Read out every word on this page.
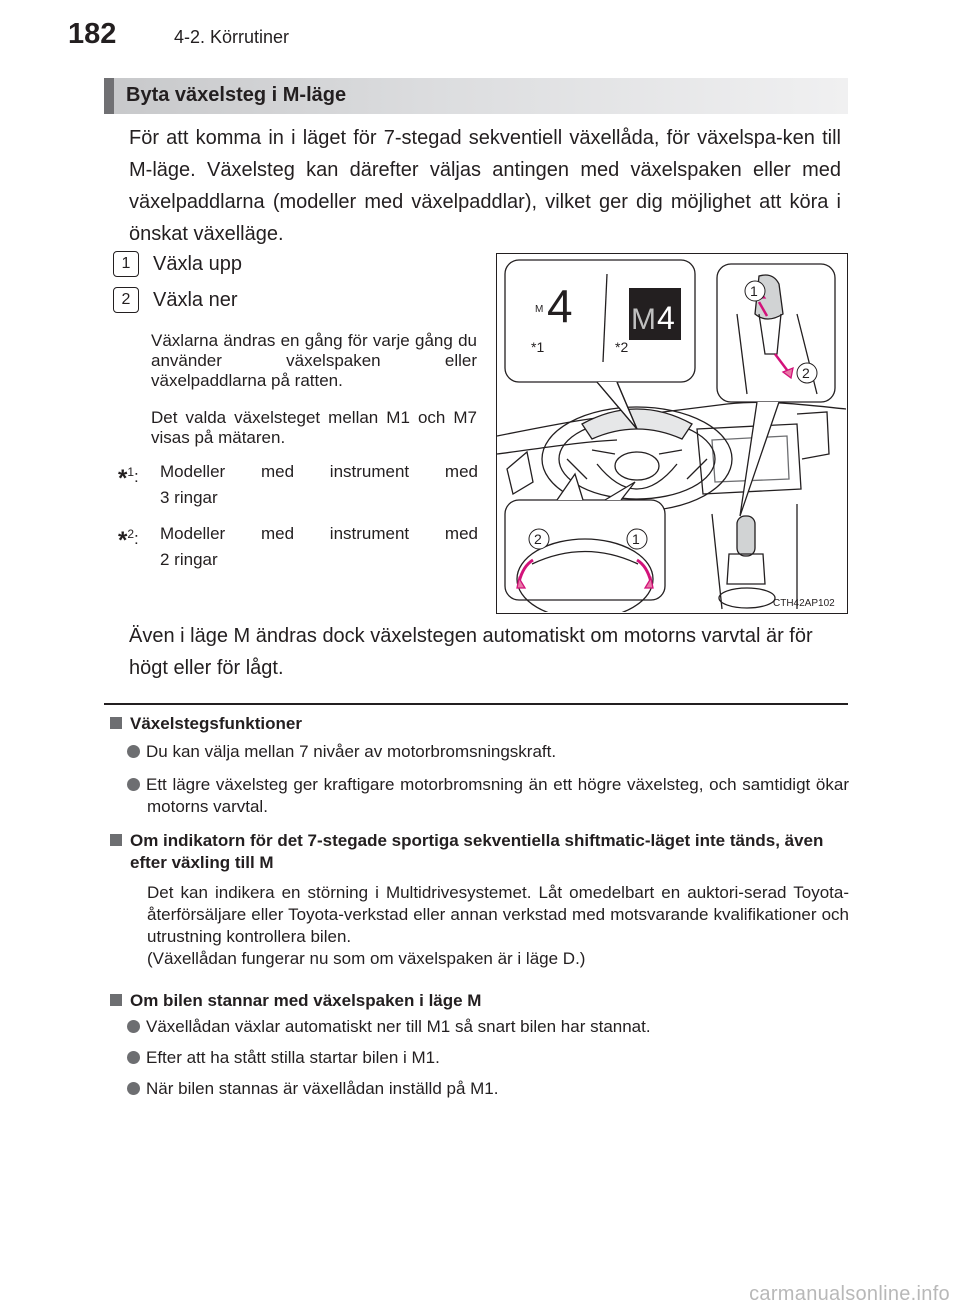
182	4-2. Körrutiner
Byta växelsteg i M-läge
För att komma in i läget för 7-stegad sekventiell växellåda, för växelspa-ken till M-läge. Växelsteg kan därefter väljas antingen med växelspaken eller med växelpaddlarna (modeller med växelpaddlar), vilket ger dig möjlighet att köra i önskat växelläge.
1	Växla upp
2	Växla ner
Växlarna ändras en gång för varje gång du använder växelspaken eller växelpaddlarna på ratten.
Det valda växelsteget mellan M1 och M7 visas på mätaren.
*$^1$:	Modeller med instrument med
3 ringar
*$^2$:	Modeller med instrument med
2 ringar
M 4 M 4
*1	*2
1
2
2	1
CTH42AP102
Även i läge M ändras dock växelstegen automatiskt om motorns varvtal är för högt eller för lågt.
Växelstegsfunktioner
Du kan välja mellan 7 nivåer av motorbromsningskraft.
Ett lägre växelsteg ger kraftigare motorbromsning än ett högre växelsteg, och samtidigt ökar motorns varvtal.
Om indikatorn för det 7-stegade sportiga sekventiella shiftmatic-läget inte tänds, även efter växling till M
Det kan indikera en störning i Multidrivesystemet. Låt omedelbart en auktori-serad Toyota-återförsäljare eller Toyota-verkstad eller annan verkstad med motsvarande kvalifikationer och utrustning kontrollera bilen.
(Växellådan fungerar nu som om växelspaken är i läge D.)
Om bilen stannar med växelspaken i läge M
Växellådan växlar automatiskt ner till M1 så snart bilen har stannat.
Efter att ha stått stilla startar bilen i M1.
När bilen stannas är växellådan inställd på M1.
carmanualsonline.info
